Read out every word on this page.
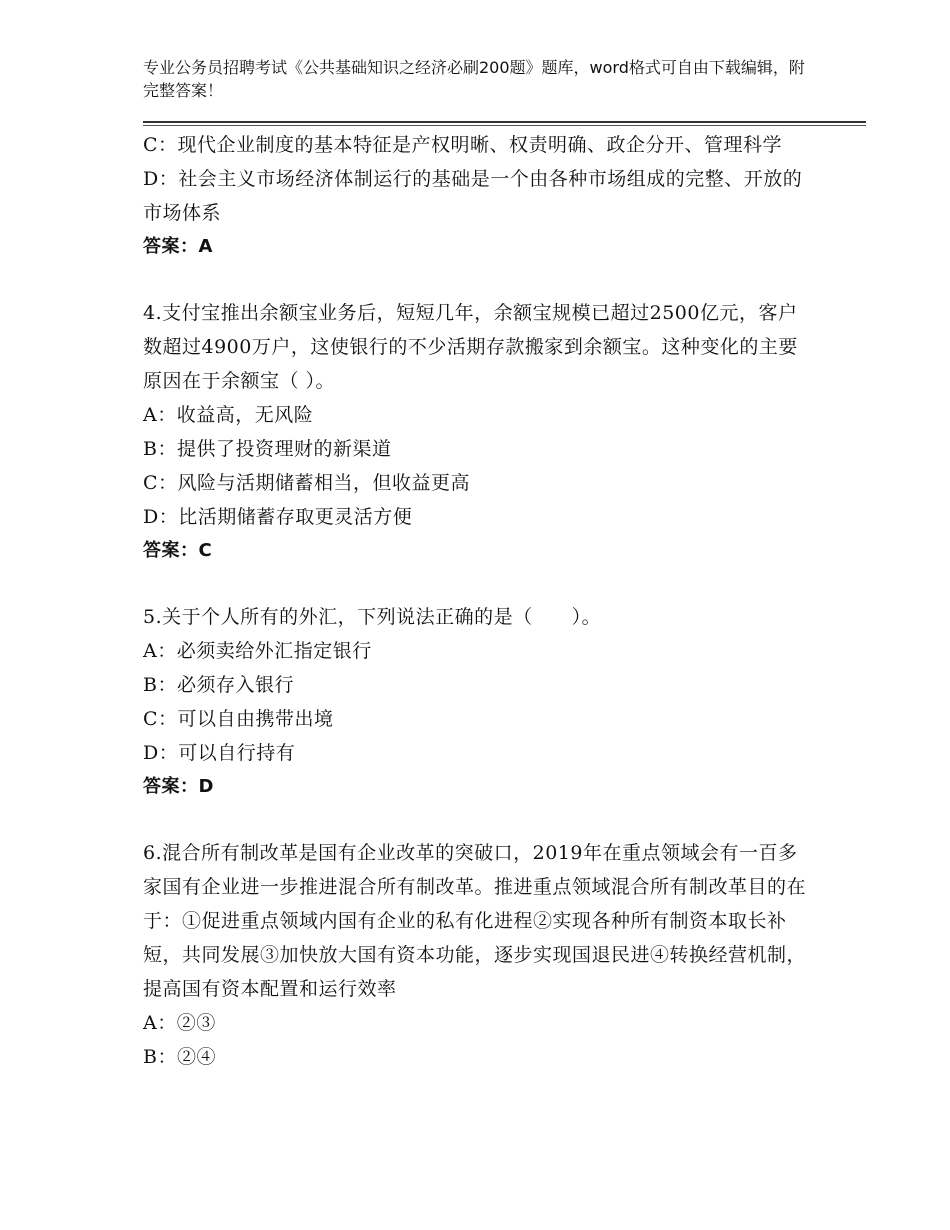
专业公务员招聘考试《公共基础知识之经济必刷200题》题库，word格式可自由下载编辑，附完整答案！

C：现代企业制度的基本特征是产权明晰、权责明确、政企分开、管理科学

D：社会主义市场经济体制运行的基础是一个由各种市场组成的完整、开放的市场体系

答案：A

4.支付宝推出余额宝业务后，短短几年，余额宝规模已超过2500亿元，客户数超过4900万户，这使银行的不少活期存款搬家到余额宝。这种变化的主要原因在于余额宝（ ）。

A：收益高，无风险

B：提供了投资理财的新渠道

C：风险与活期储蓄相当，但收益更高

D：比活期储蓄存取更灵活方便

答案：C

5.关于个人所有的外汇，下列说法正确的是（　　）。

A：必须卖给外汇指定银行

B：必须存入银行

C：可以自由携带出境

D：可以自行持有

答案：D

6.混合所有制改革是国有企业改革的突破口，2019年在重点领域会有一百多家国有企业进一步推进混合所有制改革。推进重点领域混合所有制改革目的在于：①促进重点领域内国有企业的私有化进程②实现各种所有制资本取长补短，共同发展③加快放大国有资本功能，逐步实现国退民进④转换经营机制，提高国有资本配置和运行效率

A：②③

B：②④
